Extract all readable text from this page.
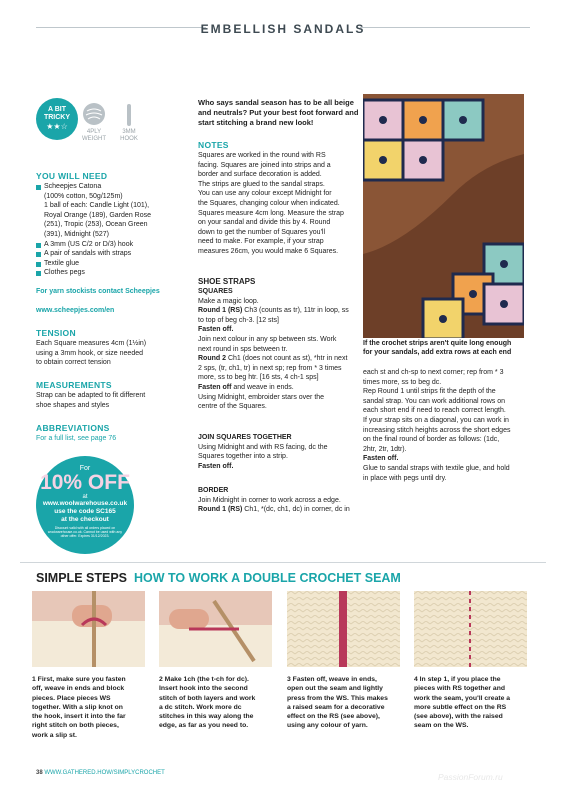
EMBELLISH SANDALS
A BIT
TRICKY
★★☆
4PLY
WEIGHT
3MM
HOOK
YOU WILL NEED
Scheepjes Catona
(100% cotton, 50g/125m)
1 ball of each: Candle Light (101),
Royal Orange (189), Garden Rose
(251), Tropic (253), Ocean Green
(391), Midnight (527)
A 3mm (US C/2 or D/3) hook
A pair of sandals with straps
Textile glue
Clothes pegs
For yarn stockists contact Scheepjes
www.scheepjes.com/en
TENSION
Each Square measures 4cm (1½in)
using a 3mm hook, or size needed
to obtain correct tension
MEASUREMENTS
Strap can be adapted to fit different
shoe shapes and styles
ABBREVIATIONS
For a full list, see page 76
For
10% OFF
at
www.woolwarehouse.co.uk
use the code SC165
at the checkout
Discount valid with all orders placed on woolwarehouse.co.uk. Cannot be used with any other offer. Expires 31/12/2023.
Who says sandal season has to be all beige
and neutrals? Put your best foot forward and
start stitching a brand new look!
NOTES
Squares are worked in the round with RS
facing. Squares are joined into strips and a
border and surface decoration is added.
The strips are glued to the sandal straps.
You can use any colour except Midnight for
the Squares, changing colour when indicated.
Squares measure 4cm long. Measure the strap
on your sandal and divide this by 4. Round
down to get the number of Squares you'll
need to make. For example, if your strap
measures 26cm, you would make 6 Squares.
SHOE STRAPS
SQUARES
Make a magic loop.
Round 1 (RS) Ch3 (counts as tr), 11tr in loop, ss
to top of beg ch-3. [12 sts]
Fasten off.
Join next colour in any sp between sts. Work
next round in sps between tr.
Round 2 Ch1 (does not count as st), *htr in next
2 sps, (tr, ch1, tr) in next sp; rep from * 3 times
more, ss to beg htr. [16 sts, 4 ch-1 sps]
Fasten off and weave in ends.
Using Midnight, embroider stars over the
centre of the Squares.
JOIN SQUARES TOGETHER
Using Midnight and with RS facing, dc the
Squares together into a strip.
Fasten off.
BORDER
Join Midnight in corner to work across a edge.
Round 1 (RS) Ch1, *(dc, ch1, dc) in corner, dc in
If the crochet strips aren't quite long enough
for your sandals, add extra rows at each end
each st and ch-sp to next corner; rep from * 3
times more, ss to beg dc.
Rep Round 1 until strips fit the depth of the
sandal strap. You can work additional rows on
each short end if need to reach correct length.
If your strap sits on a diagonal, you can work in
increasing stitch heights across the short edges
on the final round of border as follows: (1dc,
2htr, 2tr, 1dtr).
Fasten off.
Glue to sandal straps with textile glue, and hold
in place with pegs until dry.
SIMPLE STEPS HOW TO WORK A DOUBLE CROCHET SEAM
1 First, make sure you fasten
off, weave in ends and block
pieces. Place pieces WS
together. With a slip knot on
the hook, insert it into the far
right stitch on both pieces,
work a slip st.
2 Make 1ch (the t-ch for dc).
Insert hook into the second
stitch of both layers and work
a dc stitch. Work more dc
stitches in this way along the
edge, as far as you need to.
3 Fasten off, weave in ends,
open out the seam and lightly
press from the WS. This makes
a raised seam for a decorative
effect on the RS (see above),
using any colour of yarn.
4 In step 1, if you place the
pieces with RS together and
work the seam, you'll create a
more subtle effect on the RS
(see above), with the raised
seam on the WS.
38 WWW.GATHERED.HOW/SIMPLYCROCHET	PassionForum.ru
